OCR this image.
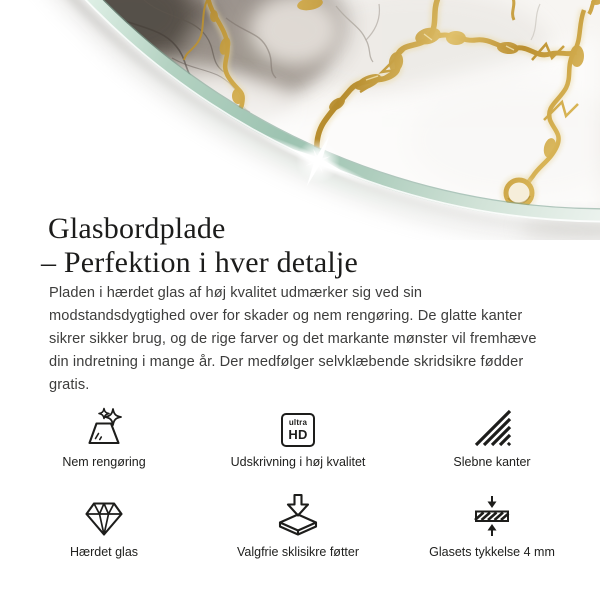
Glasbordplade
– Perfektion i hver detalje

Pladen i hærdet glas af høj kvalitet udmærker sig ved sin modstandsdygtighed over for skader og nem rengøring. De glatte kanter sikrer sikker brug, og de rige farver og det markante mønster vil fremhæve din indretning i mange år. Der medfølger selvklæbende skridsikre fødder gratis.

Nem rengøring
ultra
HD
Udskrivning i høj kvalitet	Slebne kanter
Hærdet glas	Valgfrie sklisikre føtter	Glasets tykkelse 4 mm
